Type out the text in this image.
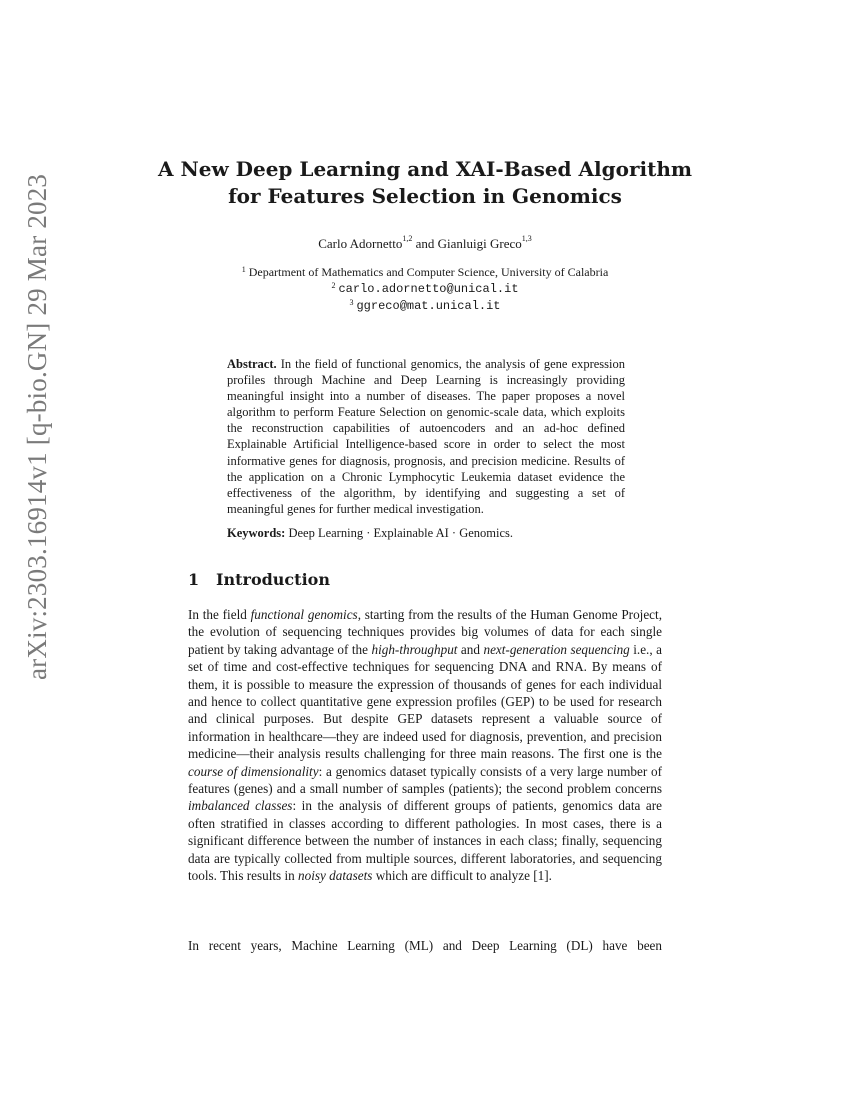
arXiv:2303.16914v1 [q-bio.GN] 29 Mar 2023
A New Deep Learning and XAI-Based Algorithm
for Features Selection in Genomics
Carlo Adornetto$^{1,2}$ and Gianluigi Greco$^{1,3}$
$^1$ Department of Mathematics and Computer Science, University of Calabria
$^2$ carlo.adornetto@unical.it
$^3$ ggreco@mat.unical.it

Abstract. In the field of functional genomics, the analysis of gene expression profiles through Machine and Deep Learning is increasingly providing meaningful insight into a number of diseases. The paper proposes a novel algorithm to perform Feature Selection on genomic-scale data, which exploits the reconstruction capabilities of autoencoders and an ad-hoc defined Explainable Artificial Intelligence-based score in order to select the most informative genes for diagnosis, prognosis, and precision medicine. Results of the application on a Chronic Lymphocytic Leukemia dataset evidence the effectiveness of the algorithm, by identifying and suggesting a set of meaningful genes for further medical investigation.

Keywords: Deep Learning · Explainable AI · Genomics.

1 Introduction

In the field functional genomics, starting from the results of the Human Genome Project, the evolution of sequencing techniques provides big volumes of data for each single patient by taking advantage of the high-throughput and next-generation sequencing i.e., a set of time and cost-effective techniques for sequencing DNA and RNA. By means of them, it is possible to measure the expression of thousands of genes for each individual and hence to collect quantitative gene expression profiles (GEP) to be used for research and clinical purposes. But despite GEP datasets represent a valuable source of information in healthcare—they are indeed used for diagnosis, prevention, and precision medicine—their analysis results challenging for three main reasons. The first one is the course of dimensionality: a genomics dataset typically consists of a very large number of features (genes) and a small number of samples (patients); the second problem concerns imbalanced classes: in the analysis of different groups of patients, genomics data are often stratified in classes according to different pathologies. In most cases, there is a significant difference between the number of instances in each class; finally, sequencing data are typically collected from multiple sources, different laboratories, and sequencing tools. This results in noisy datasets which are difficult to analyze [1].

In recent years, Machine Learning (ML) and Deep Learning (DL) have been
